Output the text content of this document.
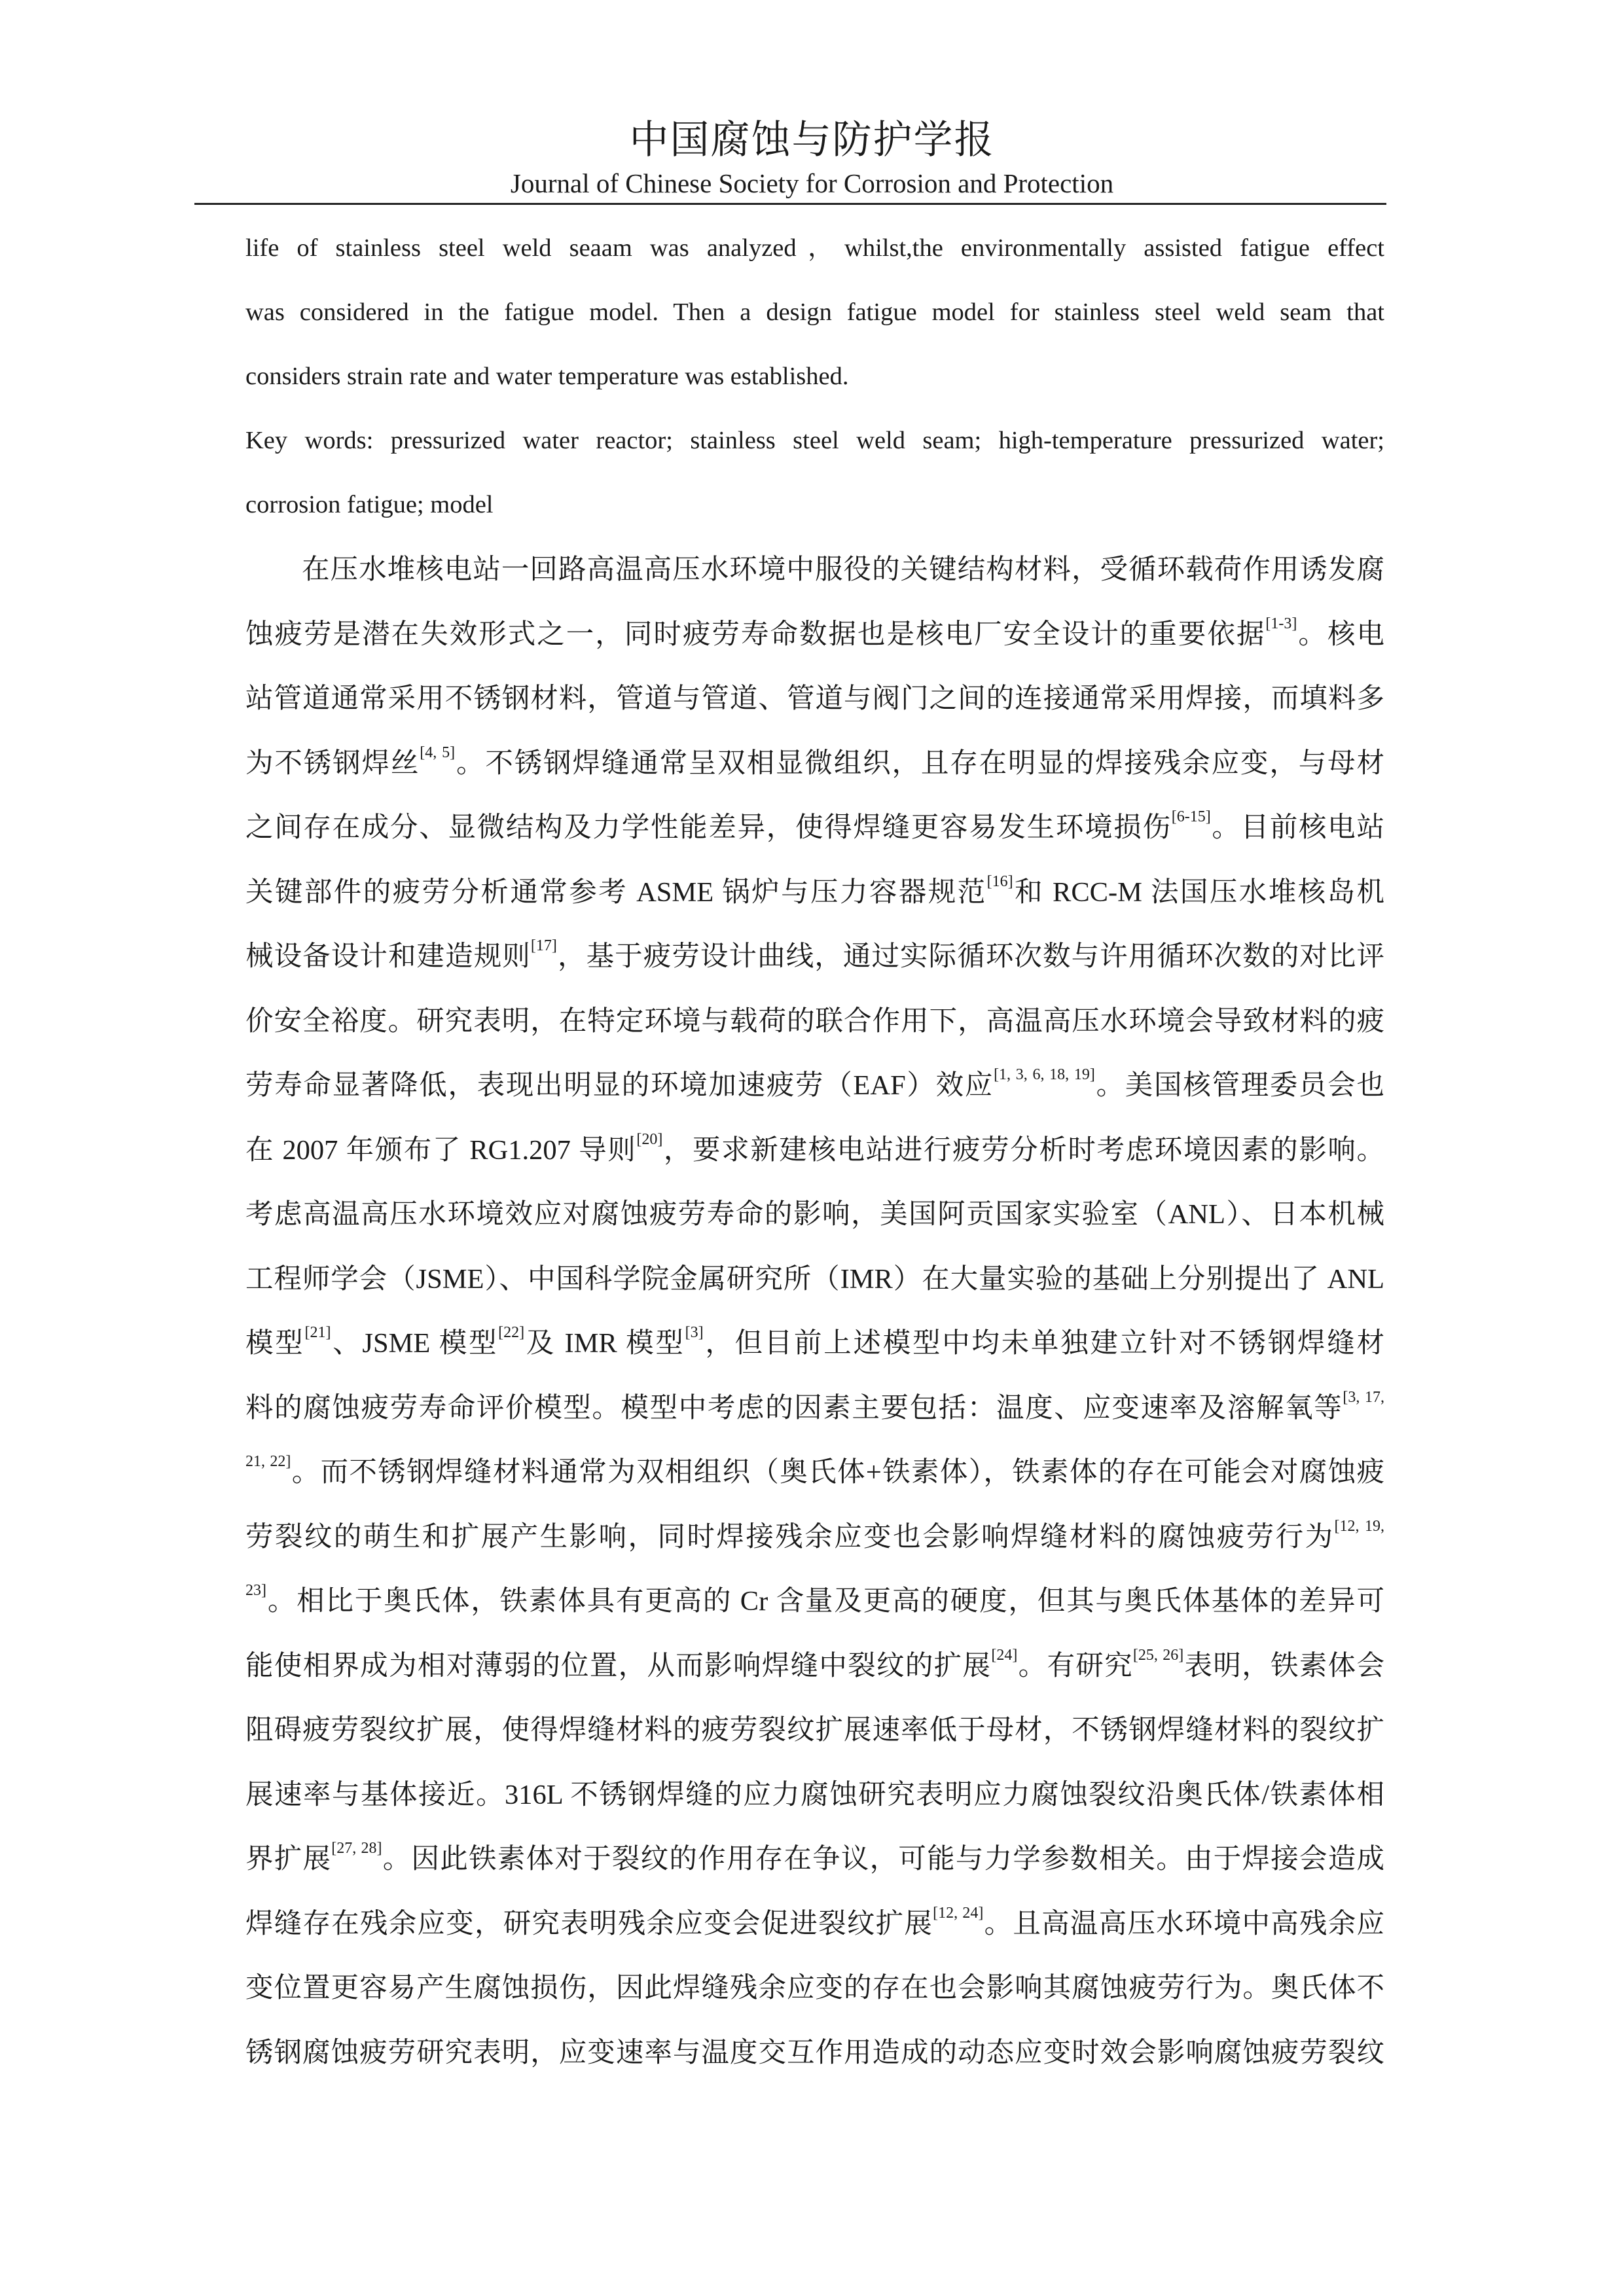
中国腐蚀与防护学报
Journal of Chinese Society for Corrosion and Protection
life of stainless steel weld seaam was analyzed，whilst,the environmentally assisted fatigue effect
was considered in the fatigue model. Then a design fatigue model for stainless steel weld seam that
considers strain rate and water temperature was established.
Key words: pressurized water reactor; stainless steel weld seam; high-temperature pressurized water;
corrosion fatigue; model
在压水堆核电站一回路高温高压水环境中服役的关键结构材料，受循环载荷作用诱发腐
蚀疲劳是潜在失效形式之一，同时疲劳寿命数据也是核电厂安全设计的重要依据[1-3]。核电
站管道通常采用不锈钢材料，管道与管道、管道与阀门之间的连接通常采用焊接，而填料多
为不锈钢焊丝[4, 5]。不锈钢焊缝通常呈双相显微组织，且存在明显的焊接残余应变，与母材
之间存在成分、显微结构及力学性能差异，使得焊缝更容易发生环境损伤[6-15]。目前核电站
关键部件的疲劳分析通常参考 ASME 锅炉与压力容器规范[16]和 RCC-M 法国压水堆核岛机
械设备设计和建造规则[17]，基于疲劳设计曲线，通过实际循环次数与许用循环次数的对比评
价安全裕度。研究表明，在特定环境与载荷的联合作用下，高温高压水环境会导致材料的疲
劳寿命显著降低，表现出明显的环境加速疲劳（EAF）效应[1, 3, 6, 18, 19]。美国核管理委员会也
在 2007 年颁布了 RG1.207 导则[20]，要求新建核电站进行疲劳分析时考虑环境因素的影响。
考虑高温高压水环境效应对腐蚀疲劳寿命的影响，美国阿贡国家实验室（ANL）、日本机械
工程师学会（JSME）、中国科学院金属研究所（IMR）在大量实验的基础上分别提出了 ANL
模型[21]、JSME 模型[22]及 IMR 模型[3]，但目前上述模型中均未单独建立针对不锈钢焊缝材
料的腐蚀疲劳寿命评价模型。模型中考虑的因素主要包括：温度、应变速率及溶解氧等$^{[3, 17,}$
$^{21, 22]}$。而不锈钢焊缝材料通常为双相组织（奥氏体+铁素体），铁素体的存在可能会对腐蚀疲
劳裂纹的萌生和扩展产生影响，同时焊接残余应变也会影响焊缝材料的腐蚀疲劳行为$^{[12, 19,}$
$^{23]}$。相比于奥氏体，铁素体具有更高的 Cr 含量及更高的硬度，但其与奥氏体基体的差异可
能使相界成为相对薄弱的位置，从而影响焊缝中裂纹的扩展[24]。有研究[25, 26]表明，铁素体会
阻碍疲劳裂纹扩展，使得焊缝材料的疲劳裂纹扩展速率低于母材，不锈钢焊缝材料的裂纹扩
展速率与基体接近。316L 不锈钢焊缝的应力腐蚀研究表明应力腐蚀裂纹沿奥氏体/铁素体相
界扩展[27, 28]。因此铁素体对于裂纹的作用存在争议，可能与力学参数相关。由于焊接会造成
焊缝存在残余应变，研究表明残余应变会促进裂纹扩展[12, 24]。且高温高压水环境中高残余应
变位置更容易产生腐蚀损伤，因此焊缝残余应变的存在也会影响其腐蚀疲劳行为。奥氏体不
锈钢腐蚀疲劳研究表明，应变速率与温度交互作用造成的动态应变时效会影响腐蚀疲劳裂纹
